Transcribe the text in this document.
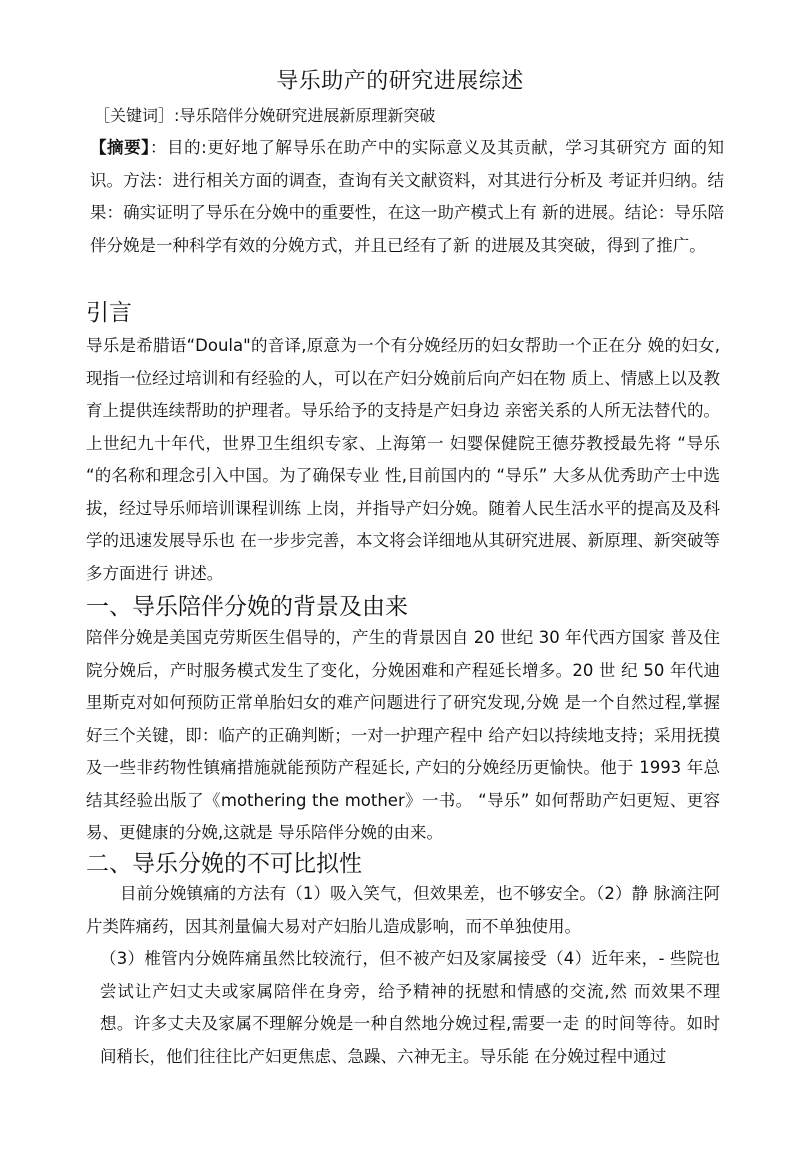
导乐助产的研究进展综述
［关键词］:导乐陪伴分娩研究进展新原理新突破
【摘要】：目的:更好地了解导乐在助产中的实际意义及其贡献，学习其研究方 面的知识。方法：进行相关方面的调查，查询有关文献资料，对其进行分析及 考证并归纳。结果：确实证明了导乐在分娩中的重要性，在这一助产模式上有 新的进展。结论：导乐陪伴分娩是一种科学有效的分娩方式，并且已经有了新 的进展及其突破，得到了推广。
引言
导乐是希腊语“Doula"的音译,原意为一个有分娩经历的妇女帮助一个正在分 娩的妇女,现指一位经过培训和有经验的人，可以在产妇分娩前后向产妇在物 质上、情感上以及教育上提供连续帮助的护理者。导乐给予的支持是产妇身边 亲密关系的人所无法替代的。上世纪九十年代，世界卫生组织专家、上海第一 妇婴保健院王德芬教授最先将 “导乐 “的名称和理念引入中国。为了确保专业 性,目前国内的 “导乐” 大多从优秀助产士中选拔，经过导乐师培训课程训练 上岗，并指导产妇分娩。随着人民生活水平的提高及及科学的迅速发展导乐也 在一步步完善，本文将会详细地从其研究进展、新原理、新突破等多方面进行 讲述。
一、导乐陪伴分娩的背景及由来
陪伴分娩是美国克劳斯医生倡导的，产生的背景因自 20 世纪 30 年代西方国家 普及住院分娩后，产时服务模式发生了变化，分娩困难和产程延长增多。20 世 纪 50 年代迪里斯克对如何预防正常单胎妇女的难产问题进行了研究发现,分娩 是一个自然过程,掌握好三个关键，即：临产的正确判断；一对一护理产程中 给产妇以持续地支持；采用抚摸及一些非药物性镇痛措施就能预防产程延长, 产妇的分娩经历更愉快。他于 1993 年总结其经验出版了《mothering the mother》一书。 “导乐” 如何帮助产妇更短、更容易、更健康的分娩,这就是 导乐陪伴分娩的由来。
二、导乐分娩的不可比拟性
目前分娩镇痛的方法有（1）吸入笑气，但效果差，也不够安全。（2）静 脉滴注阿片类阵痛药，因其剂量偏大易对产妇胎儿造成影响，而不单独使用。
（3）椎管内分娩阵痛虽然比较流行，但不被产妇及家属接受（4）近年来，- 些院也尝试让产妇丈夫或家属陪伴在身旁，给予精神的抚慰和情感的交流,然 而效果不理想。许多丈夫及家属不理解分娩是一种自然地分娩过程,需要一走 的时间等待。如时间稍长，他们往往比产妇更焦虑、急躁、六神无主。导乐能 在分娩过程中通过
